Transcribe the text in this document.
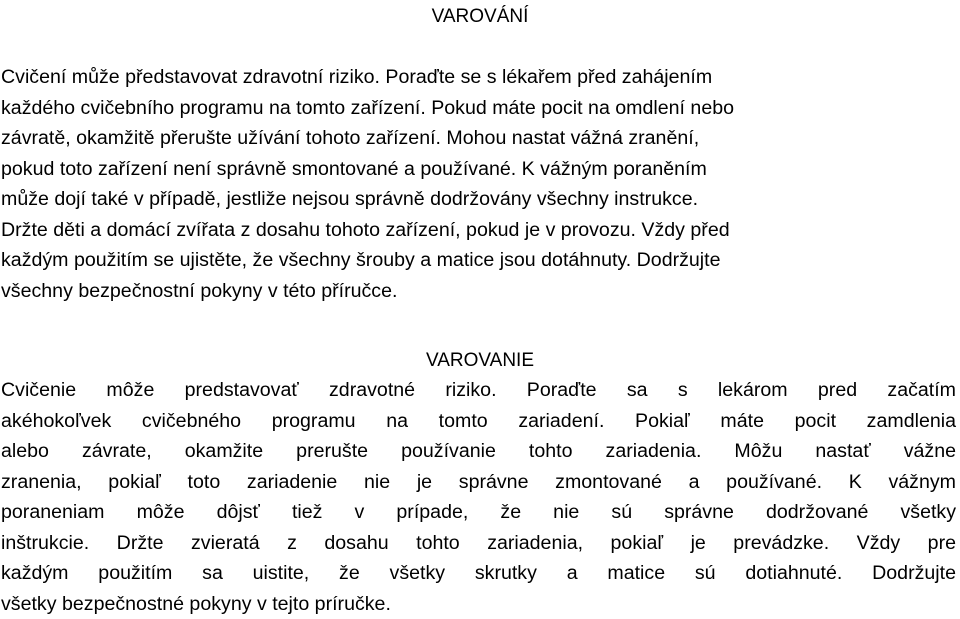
VAROVÁNÍ
Cvičení může představovat zdravotní riziko. Poraďte se s lékařem před zahájením
každého cvičebního programu na tomto zařízení. Pokud máte pocit na omdlení nebo
závratě, okamžitě přerušte užívání tohoto zařízení. Mohou nastat vážná zranění,
pokud toto zařízení není správně smontované a používané. K vážným poraněním
může dojí také v případě, jestliže nejsou správně dodržovány všechny instrukce.
Držte děti a domácí zvířata z dosahu tohoto zařízení, pokud je v provozu. Vždy před
každým použitím se ujistěte, že všechny šrouby a matice jsou dotáhnuty. Dodržujte
všechny bezpečnostní pokyny v této příručce.
VAROVANIE
Cvičenie môže predstavovať zdravotné riziko. Poraďte sa s lekárom pred začatím
akéhokoľvek cvičebného programu na tomto zariadení. Pokiaľ máte pocit zamdlenia
alebo závrate, okamžite prerušte používanie tohto zariadenia. Môžu nastať vážne
zranenia, pokiaľ toto zariadenie nie je správne zmontované a používané. K vážnym
poraneniam môže dôjsť tiež v prípade, že nie sú správne dodržované všetky
inštrukcie. Držte zvieratá z dosahu tohto zariadenia, pokiaľ je prevádzke. Vždy pre
každým použitím sa uistite, že všetky skrutky a matice sú dotiahnuté. Dodržujte
všetky bezpečnostné pokyny v tejto príručke.
